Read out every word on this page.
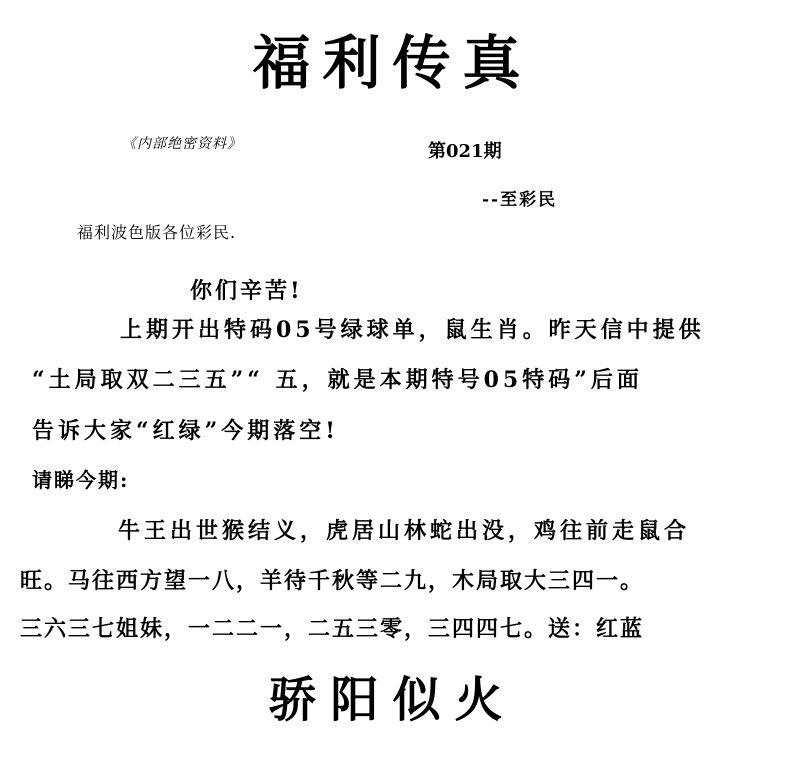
福利传真
《内部绝密资料》	第021期
--至彩民
福利波色版各位彩民.
你们辛苦!
上期开出特码05号绿球单，鼠生肖。昨天信中提供
“土局取双二三五”“ 五，就是本期特号05特码”后面
告诉大家“红绿”今期落空!
请睇今期:
牛王出世猴结义，虎居山林蛇出没，鸡往前走鼠合
旺。马往西方望一八，羊待千秋等二九，木局取大三四一。
三六三七姐妹，一二二一，二五三零，三四四七。送：红蓝
骄阳似火
